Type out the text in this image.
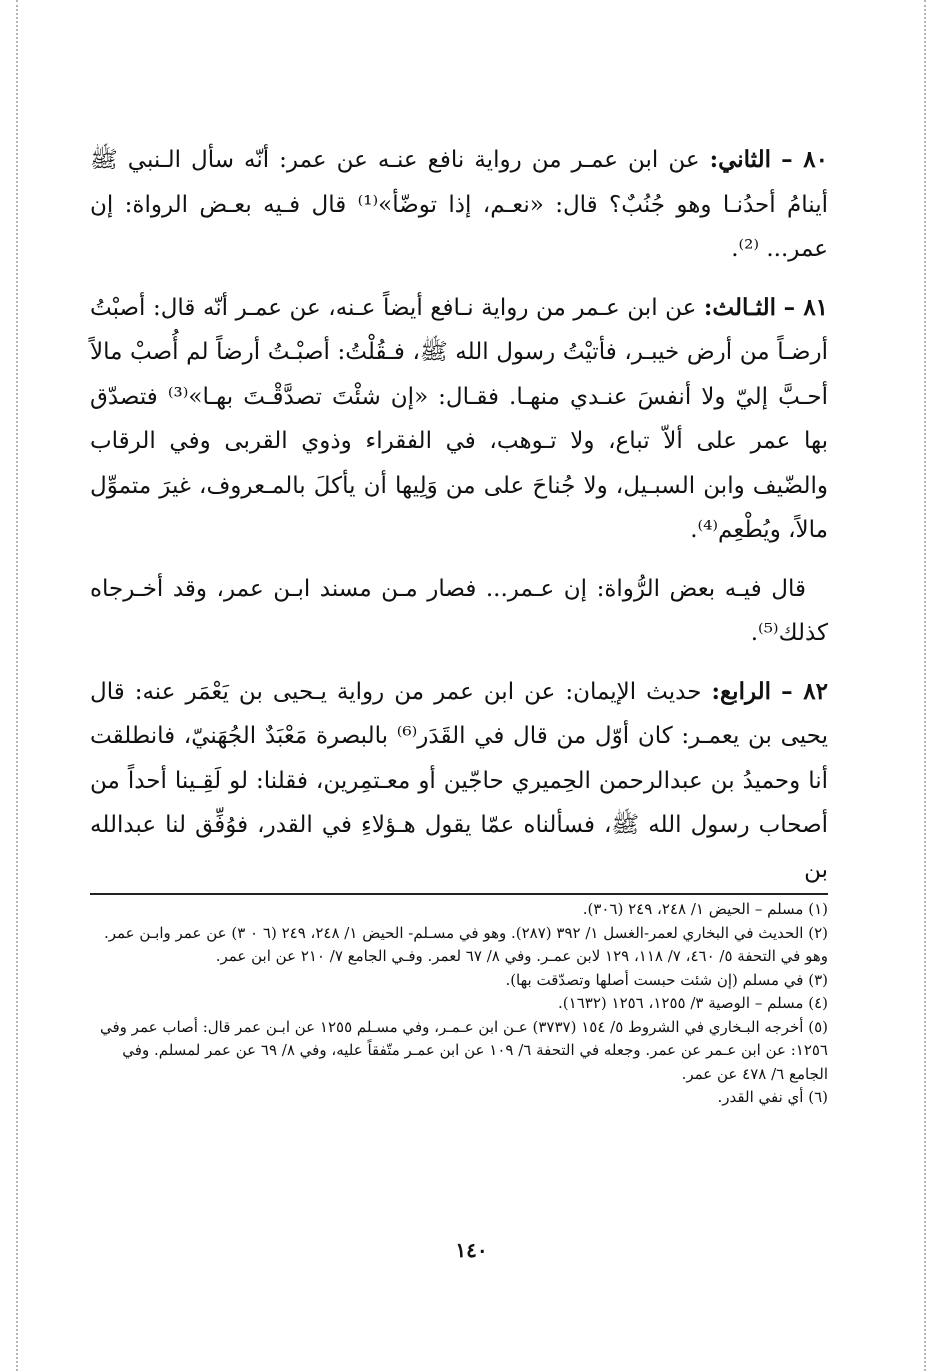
٨٠ – الثاني: عن ابن عمـر من رواية نافع عنـه عن عمر: أنّه سأل الـنبي ﷺ أينامُ أحدُنـا وهو جُنُبٌ؟ قال: «نعـم، إذا توضّأ»⁽¹⁾ قال فـيه بعـض الرواة: إن عمر... ⁽²⁾.

٨١ – الثـالث: عن ابن عـمر من رواية نـافع أيضاً عـنه، عن عمـر أنّه قال: أصبْتُ أرضـاً من أرض خيبـر، فأتيْتُ رسول الله ﷺ، فـقُلْتُ: أصبْـتُ أرضاً لم أُصبْ مالاً أحـبَّ إليّ ولا أنفسَ عنـدي منهـا. فقـال: «إن شئْتَ تصدَّقْـتَ بهـا»⁽³⁾ فتصدّق بها عمر على ألاّ تباع، ولا تـوهب، في الفقراء وذوي القربى وفي الرقاب والضّيف وابن السبـيل، ولا جُناحَ على من وَلِيها أن يأكلَ بالمـعروف، غيرَ متموِّل مالاً، ويُطْعِم⁽⁴⁾.

قال فيـه بعض الرُّواة: إن عـمر... فصار مـن مسند ابـن عمر، وقد أخـرجاه كذلك⁽⁵⁾.

٨٢ – الرابع: حديث الإيمان: عن ابن عمر من رواية يـحيى بن يَعْمَر عنه: قال يحيى بن يعمـر: كان أوّل من قال في القَدَر⁽⁶⁾ بالبصرة مَعْبَدٌ الجُهَنيّ، فانطلقت أنا وحميدُ بن عبدالرحمن الحِميري حاجّين أو معـتمِرين، فقلنا: لو لَقِـينا أحداً من أصحاب رسول الله ﷺ، فسألناه عمّا يقول هـؤلاءِ في القدر، فوُفِّق لنا عبدالله بن

(١) مسلم – الحيض ١/ ٢٤٨، ٢٤٩ (٣٠٦).

(٢) الحديث في البخاري لعمر-الغسل ١/ ٣٩٢ (٢٨٧). وهو في مسـلم- الحيض ١/ ٢٤٨، ٢٤٩ (٦ ٠ ٣) عن عمر وابـن عمر. وهو في التحفة ٥/ ٤٦٠، ٧/ ١١٨، ١٢٩ لابن عمـر. وفي ٨/ ٦٧ لعمر. وفـي الجامع ٧/ ٢١٠ عن ابن عمر.

(٣) في مسلم (إن شئت حبست أصلها وتصدّقت بها).

(٤) مسلم – الوصية ٣/ ١٢٥٥، ١٢٥٦ (١٦٣٢).

(٥) أخرجه البـخاري في الشروط ٥/ ١٥٤ (٣٧٣٧) عـن ابن عـمـر، وفي مسـلم ١٢٥٥ عن ابـن عمر قال: أصاب عمر وفي ١٢٥٦: عن ابن عـمر عن عمر. وجعله في التحفة ٦/ ١٠٩ عن ابن عمـر متّفقاً عليه، وفي ٨/ ٦٩ عن عمر لمسلم. وفي الجامع ٦/ ٤٧٨ عن عمر.

(٦) أي نفي القدر.

١٤٠
